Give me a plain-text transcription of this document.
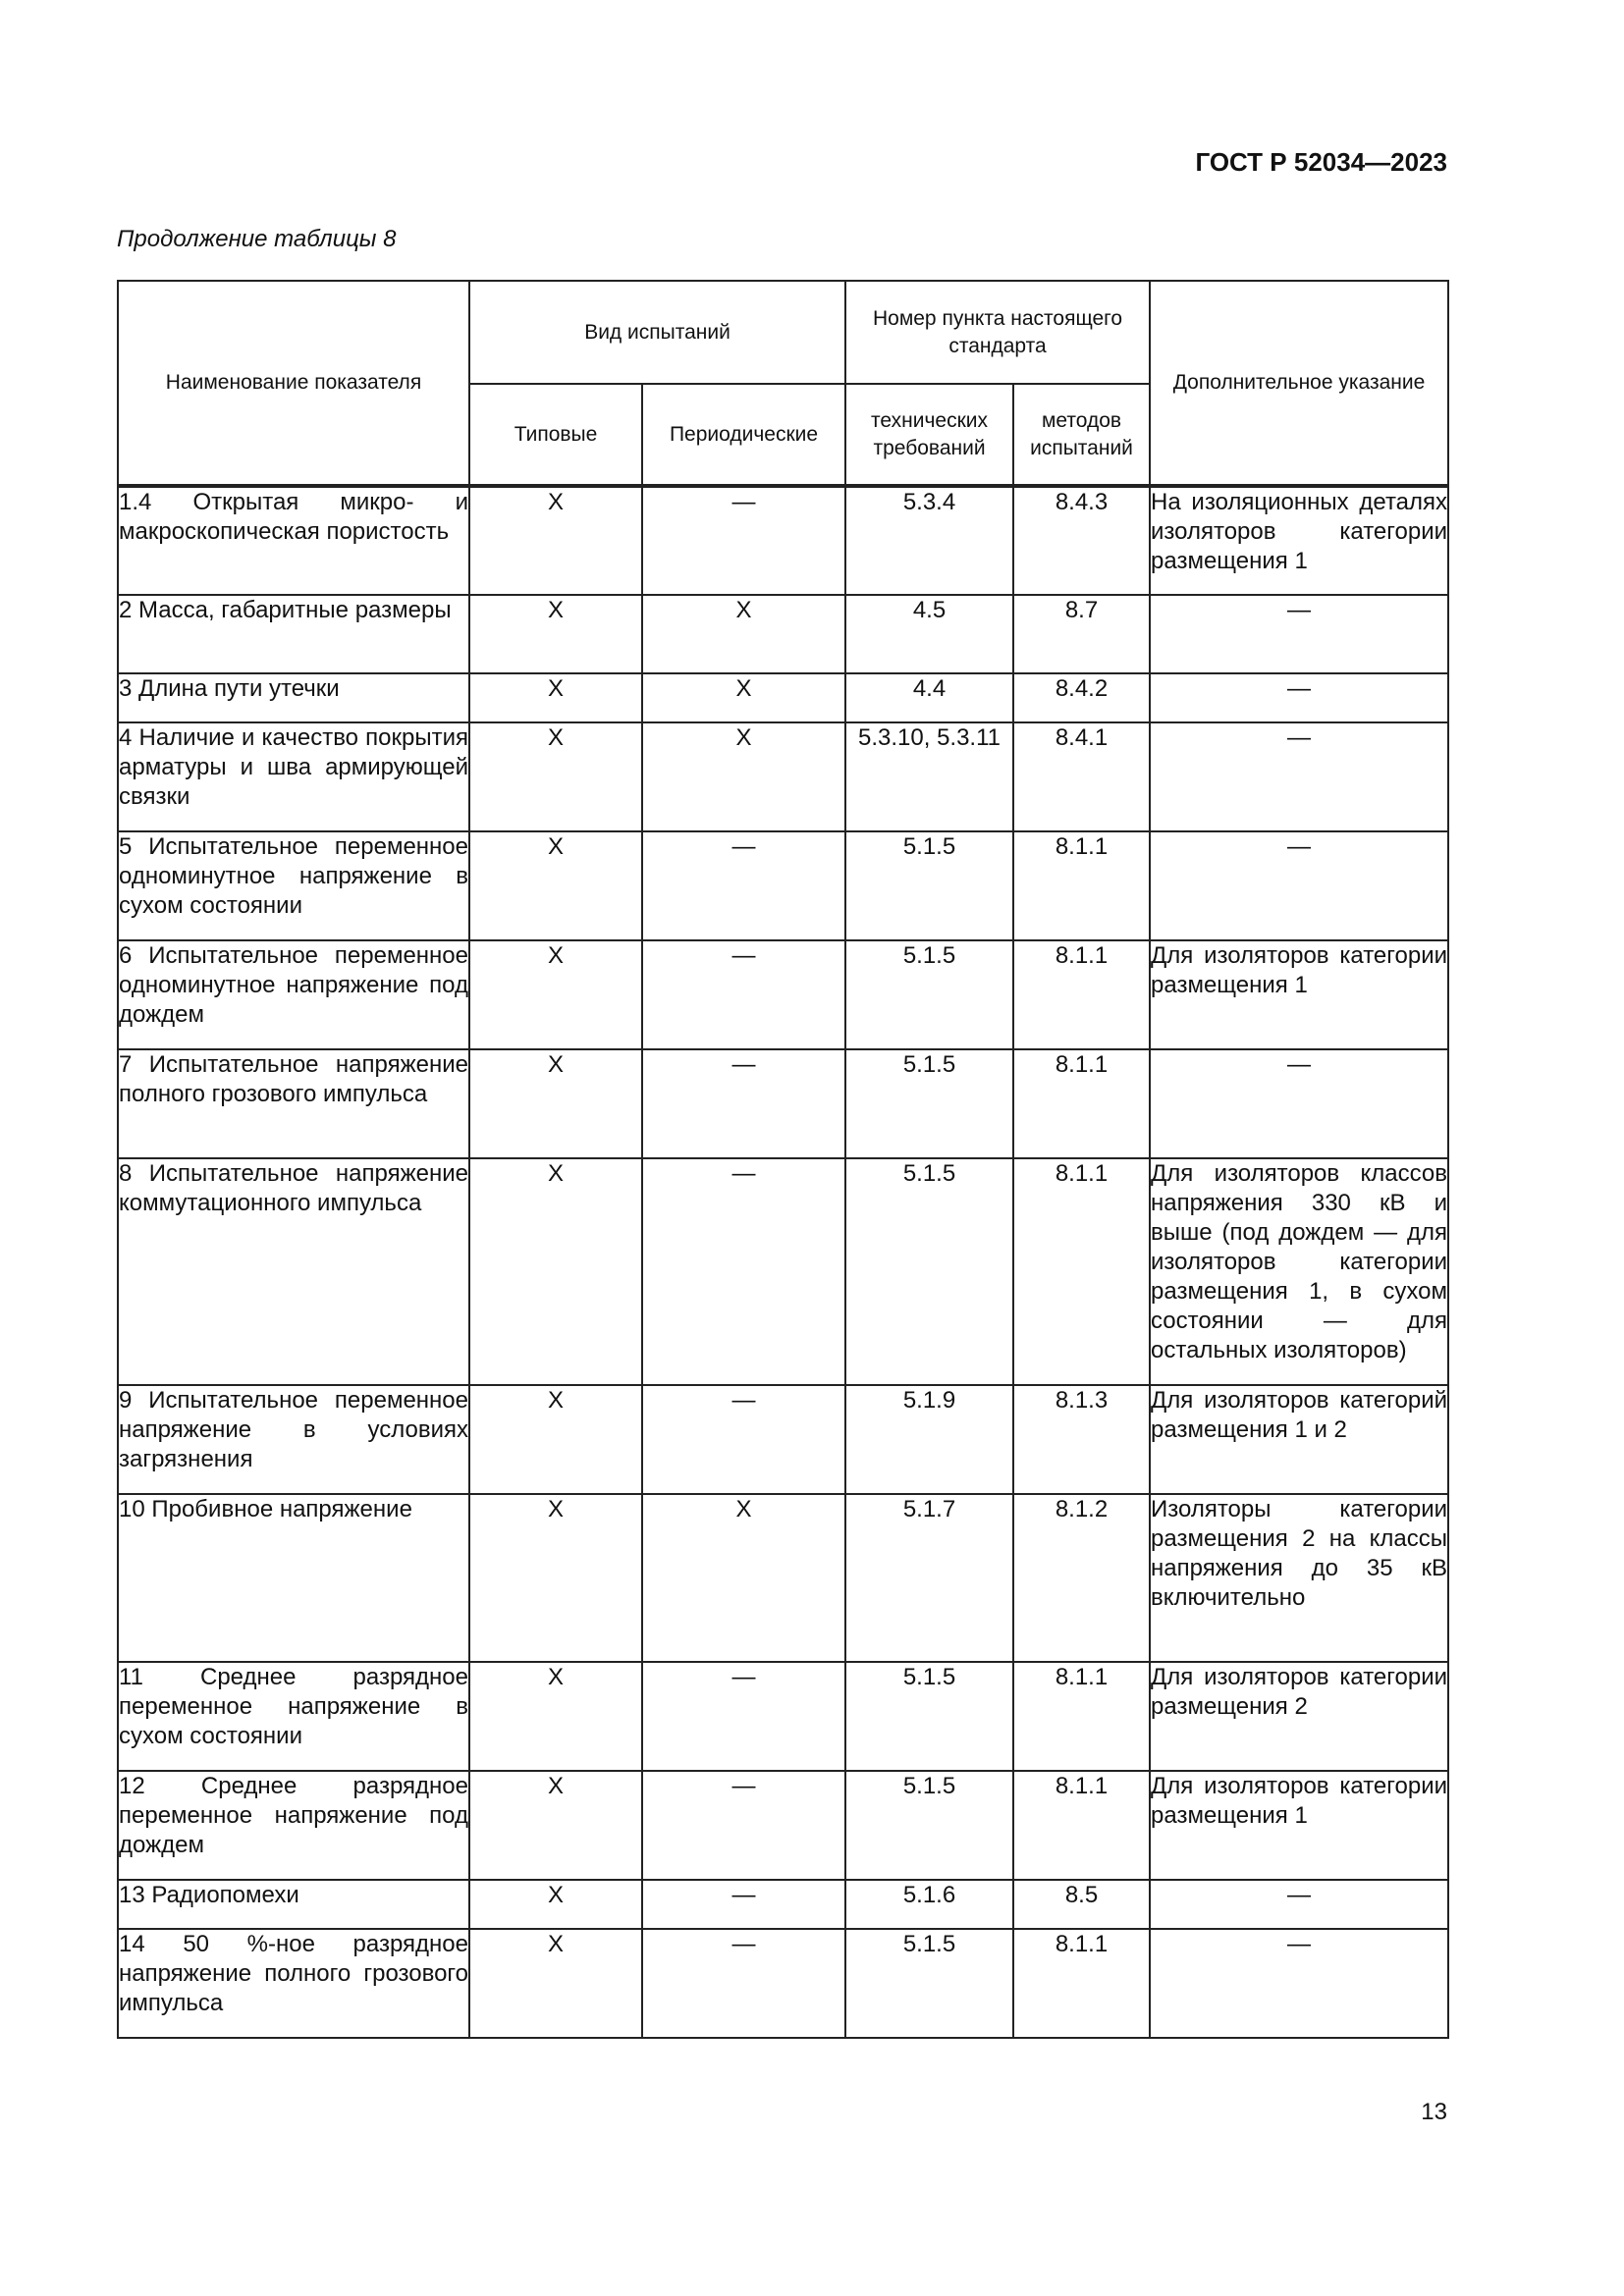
ГОСТ Р 52034—2023

Продолжение таблицы 8

Наименование показателя	Вид испытаний		Номер пункта настоящего стандарта		Дополнительное указание
	Типовые	Периодические	технических требований	методов испытаний	
1.4 Открытая микро- и макроскопическая пористость	X	—	5.3.4	8.4.3	На изоляционных деталях изоляторов категории размещения 1
2 Масса, габаритные размеры	X	X	4.5	8.7	—
3 Длина пути утечки	X	X	4.4	8.4.2	—
4 Наличие и качество покрытия арматуры и шва армирующей связки	X	X	5.3.10, 5.3.11	8.4.1	—
5 Испытательное переменное одноминутное напряжение в сухом состоянии	X	—	5.1.5	8.1.1	—
6 Испытательное переменное одноминутное напряжение под дождем	X	—	5.1.5	8.1.1	Для изоляторов категории размещения 1
7 Испытательное напряжение полного грозового импульса	X	—	5.1.5	8.1.1	—
8 Испытательное напряжение коммутационного импульса	X	—	5.1.5	8.1.1	Для изоляторов классов напряжения 330 кВ и выше (под дождем — для изоляторов категории размещения 1, в сухом состоянии — для остальных изоляторов)
9 Испытательное переменное напряжение в условиях загрязнения	X	—	5.1.9	8.1.3	Для изоляторов категорий размещения 1 и 2
10 Пробивное напряжение	X	X	5.1.7	8.1.2	Изоляторы категории размещения 2 на классы напряжения до 35 кВ включительно
11 Среднее разрядное переменное напряжение в сухом состоянии	X	—	5.1.5	8.1.1	Для изоляторов категории размещения 2
12 Среднее разрядное переменное напряжение под дождем	X	—	5.1.5	8.1.1	Для изоляторов категории размещения 1
13 Радиопомехи	X	—	5.1.6	8.5	—
14 50 %-ное разрядное напряжение полного грозового импульса	X	—	5.1.5	8.1.1	—

13
